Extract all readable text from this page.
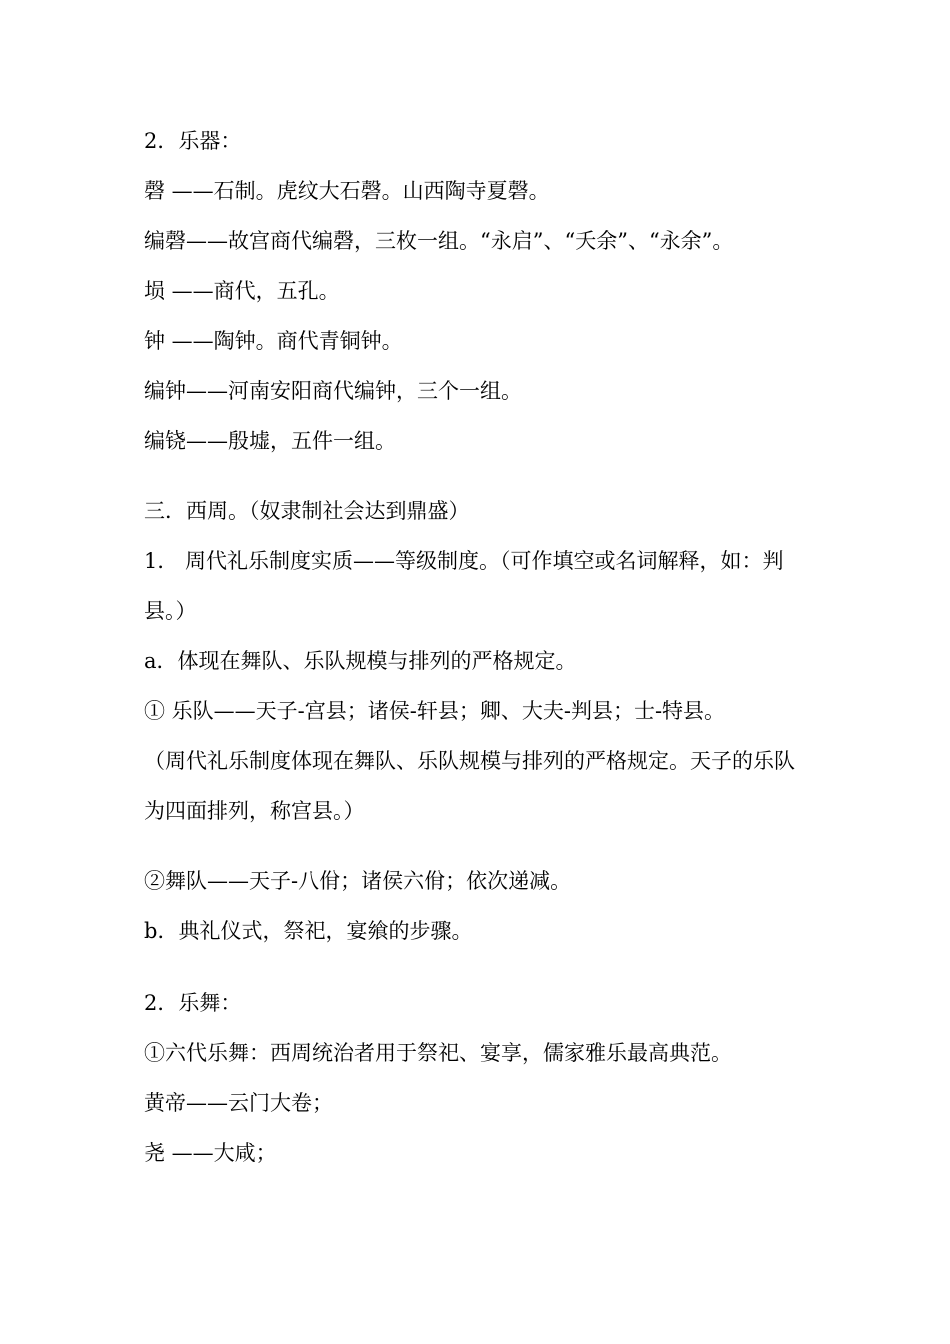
2．乐器：
磬 ——石制。虎纹大石磬。山西陶寺夏磬。
编磬——故宫商代编磬，三枚一组。“永启”、“夭余”、“永余”。
埙 ——商代，五孔。
钟 ——陶钟。商代青铜钟。
编钟——河南安阳商代编钟，三个一组。
编铙——殷墟，五件一组。
三．西周。（奴隶制社会达到鼎盛）
1． 周代礼乐制度实质——等级制度。（可作填空或名词解释，如：判
县。）
a．体现在舞队、乐队规模与排列的严格规定。
① 乐队——天子-宫县；诸侯-轩县；卿、大夫-判县；士-特县。
（周代礼乐制度体现在舞队、乐队规模与排列的严格规定。天子的乐队
为四面排列，称宫县。）
②舞队——天子-八佾；诸侯六佾；依次递减。
b．典礼仪式，祭祀，宴飨的步骤。
2．乐舞：
①六代乐舞：西周统治者用于祭祀、宴享，儒家雅乐最高典范。
黄帝——云门大卷；
尧 ——大咸；
